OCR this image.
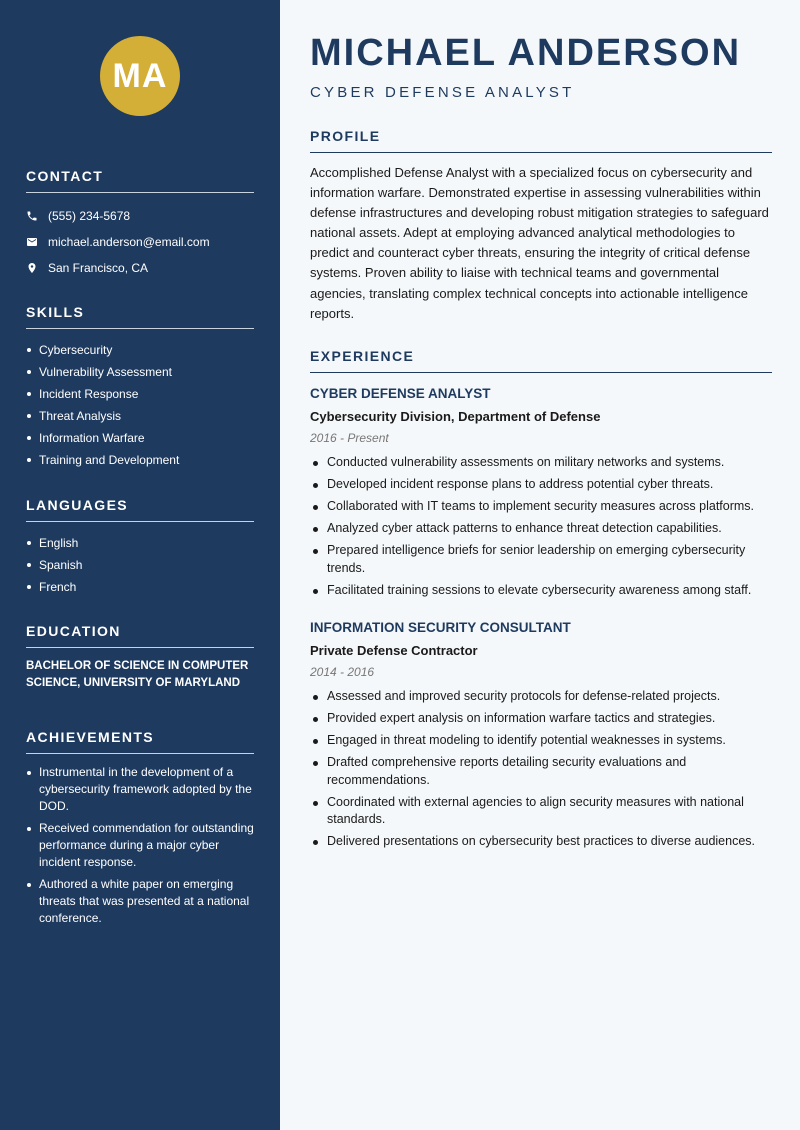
MA
CONTACT
(555) 234-5678
michael.anderson@email.com
San Francisco, CA
SKILLS
Cybersecurity
Vulnerability Assessment
Incident Response
Threat Analysis
Information Warfare
Training and Development
LANGUAGES
English
Spanish
French
EDUCATION

BACHELOR OF SCIENCE IN COMPUTER SCIENCE, UNIVERSITY OF MARYLAND

ACHIEVEMENTS
Instrumental in the development of a cybersecurity framework adopted by the DOD.
Received commendation for outstanding performance during a major cyber incident response.
Authored a white paper on emerging threats that was presented at a national conference.
MICHAEL ANDERSON
CYBER DEFENSE ANALYST
PROFILE

Accomplished Defense Analyst with a specialized focus on cybersecurity and information warfare. Demonstrated expertise in assessing vulnerabilities within defense infrastructures and developing robust mitigation strategies to safeguard national assets. Adept at employing advanced analytical methodologies to predict and counteract cyber threats, ensuring the integrity of critical defense systems. Proven ability to liaise with technical teams and governmental agencies, translating complex technical concepts into actionable intelligence reports.

EXPERIENCE
CYBER DEFENSE ANALYST
Cybersecurity Division, Department of Defense
2016 - Present
Conducted vulnerability assessments on military networks and systems.
Developed incident response plans to address potential cyber threats.
Collaborated with IT teams to implement security measures across platforms.
Analyzed cyber attack patterns to enhance threat detection capabilities.
Prepared intelligence briefs for senior leadership on emerging cybersecurity trends.
Facilitated training sessions to elevate cybersecurity awareness among staff.
INFORMATION SECURITY CONSULTANT
Private Defense Contractor
2014 - 2016
Assessed and improved security protocols for defense-related projects.
Provided expert analysis on information warfare tactics and strategies.
Engaged in threat modeling to identify potential weaknesses in systems.
Drafted comprehensive reports detailing security evaluations and recommendations.
Coordinated with external agencies to align security measures with national standards.
Delivered presentations on cybersecurity best practices to diverse audiences.
